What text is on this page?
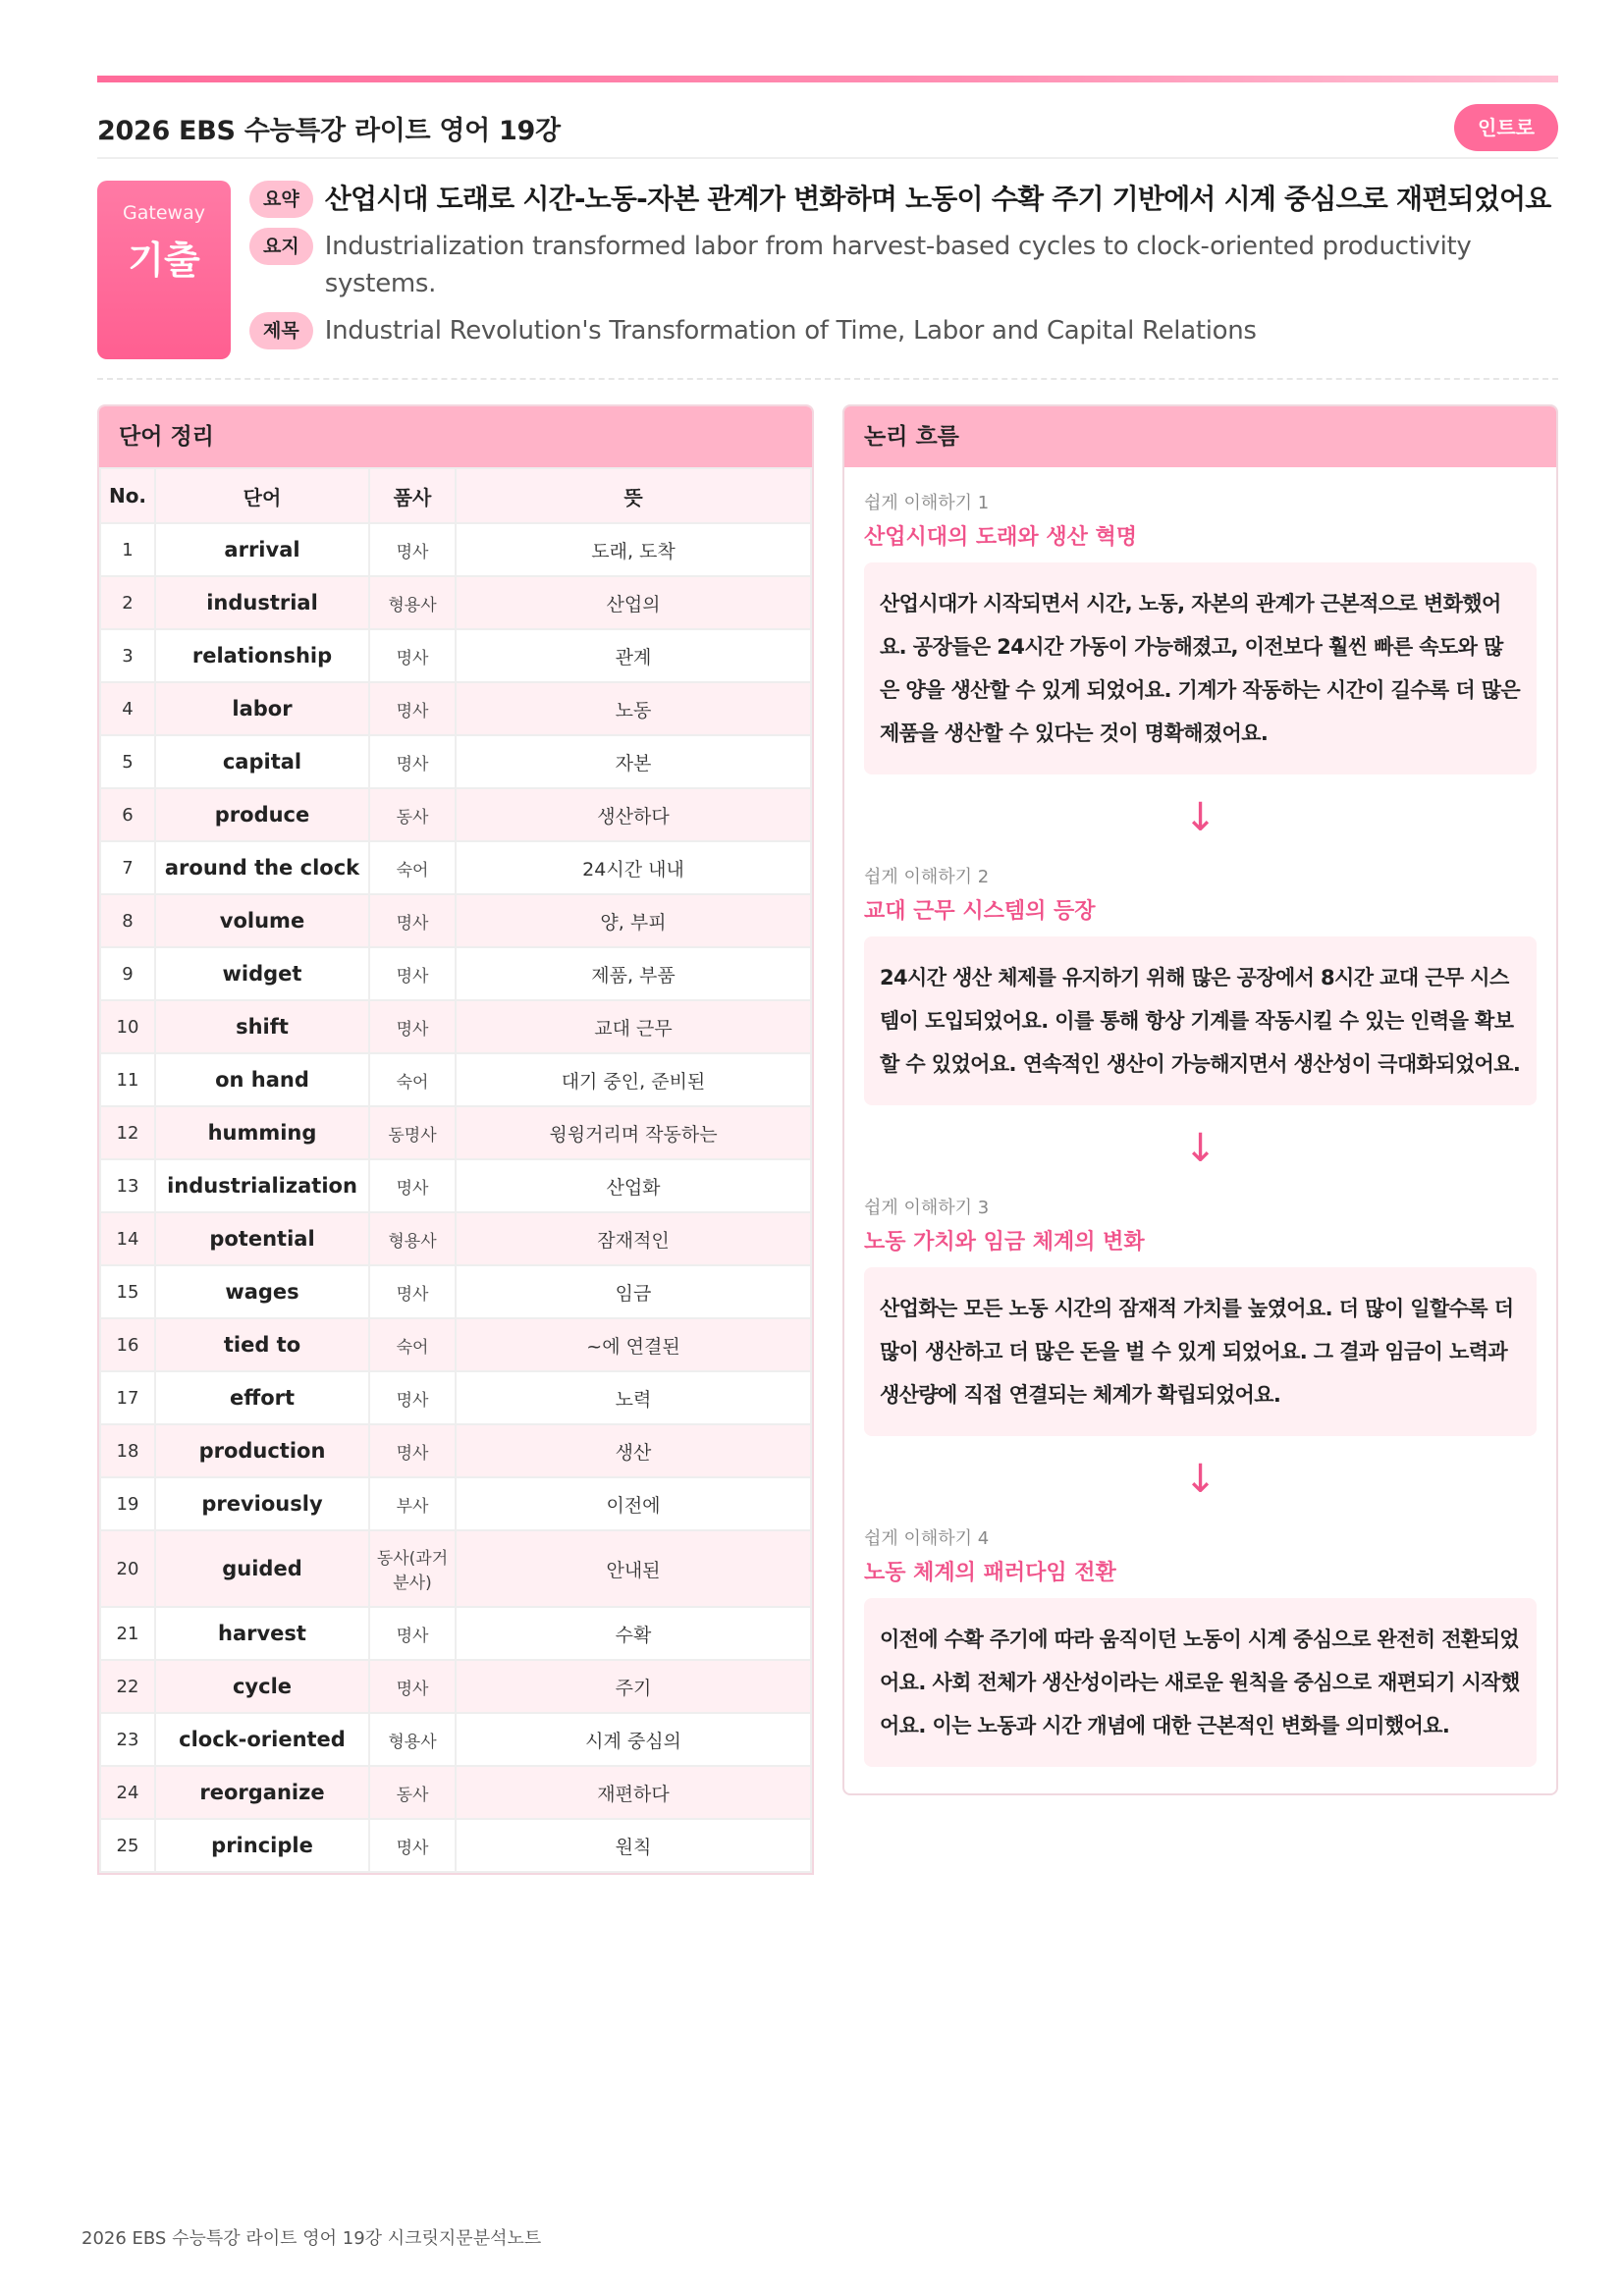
2026 EBS 수능특강 라이트 영어 19강	인트로
Gateway
기출
요약 산업시대 도래로 시간-노동-자본 관계가 변화하며 노동이 수확 주기 기반에서 시계 중심으로 재편되었어요
요지	Industrialization transformed labor from harvest-based cycles to clock-oriented productivity systems.
제목	Industrial Revolution's Transformation of Time, Labor and Capital Relations
단어 정리
No.	단어	품사	뜻
1	arrival	명사	도래, 도착
2	industrial	형용사	산업의
3	relationship	명사	관계
4	labor	명사	노동
5	capital	명사	자본
6	produce	동사	생산하다
7	around the clock	숙어	24시간 내내
8	volume	명사	양, 부피
9	widget	명사	제품, 부품
10	shift	명사	교대 근무
11	on hand	숙어	대기 중인, 준비된
12	humming	동명사	윙윙거리며 작동하는
13	industrialization	명사	산업화
14	potential	형용사	잠재적인
15	wages	명사	임금
16	tied to	숙어	~에 연결된
17	effort	명사	노력
18	production	명사	생산
19	previously	부사	이전에
20	guided	동사(과거분사)	안내된
21	harvest	명사	수확
22	cycle	명사	주기
23	clock-oriented	형용사	시계 중심의
24	reorganize	동사	재편하다
25	principle	명사	원칙
논리 흐름
쉽게 이해하기 1
산업시대의 도래와 생산 혁명
산업시대가 시작되면서 시간, 노동, 자본의 관계가 근본적으로 변화했어요. 공장들은 24시간 가동이 가능해졌고, 이전보다 훨씬 빠른 속도와 많은 양을 생산할 수 있게 되었어요. 기계가 작동하는 시간이 길수록 더 많은 제품을 생산할 수 있다는 것이 명확해졌어요.
↓
쉽게 이해하기 2
교대 근무 시스템의 등장
24시간 생산 체제를 유지하기 위해 많은 공장에서 8시간 교대 근무 시스템이 도입되었어요. 이를 통해 항상 기계를 작동시킬 수 있는 인력을 확보할 수 있었어요. 연속적인 생산이 가능해지면서 생산성이 극대화되었어요.
↓
쉽게 이해하기 3
노동 가치와 임금 체계의 변화
산업화는 모든 노동 시간의 잠재적 가치를 높였어요. 더 많이 일할수록 더 많이 생산하고 더 많은 돈을 벌 수 있게 되었어요. 그 결과 임금이 노력과 생산량에 직접 연결되는 체계가 확립되었어요.
↓
쉽게 이해하기 4
노동 체계의 패러다임 전환
이전에 수확 주기에 따라 움직이던 노동이 시계 중심으로 완전히 전환되었어요. 사회 전체가 생산성이라는 새로운 원칙을 중심으로 재편되기 시작했어요. 이는 노동과 시간 개념에 대한 근본적인 변화를 의미했어요.
2026 EBS 수능특강 라이트 영어 19강 시크릿지문분석노트
